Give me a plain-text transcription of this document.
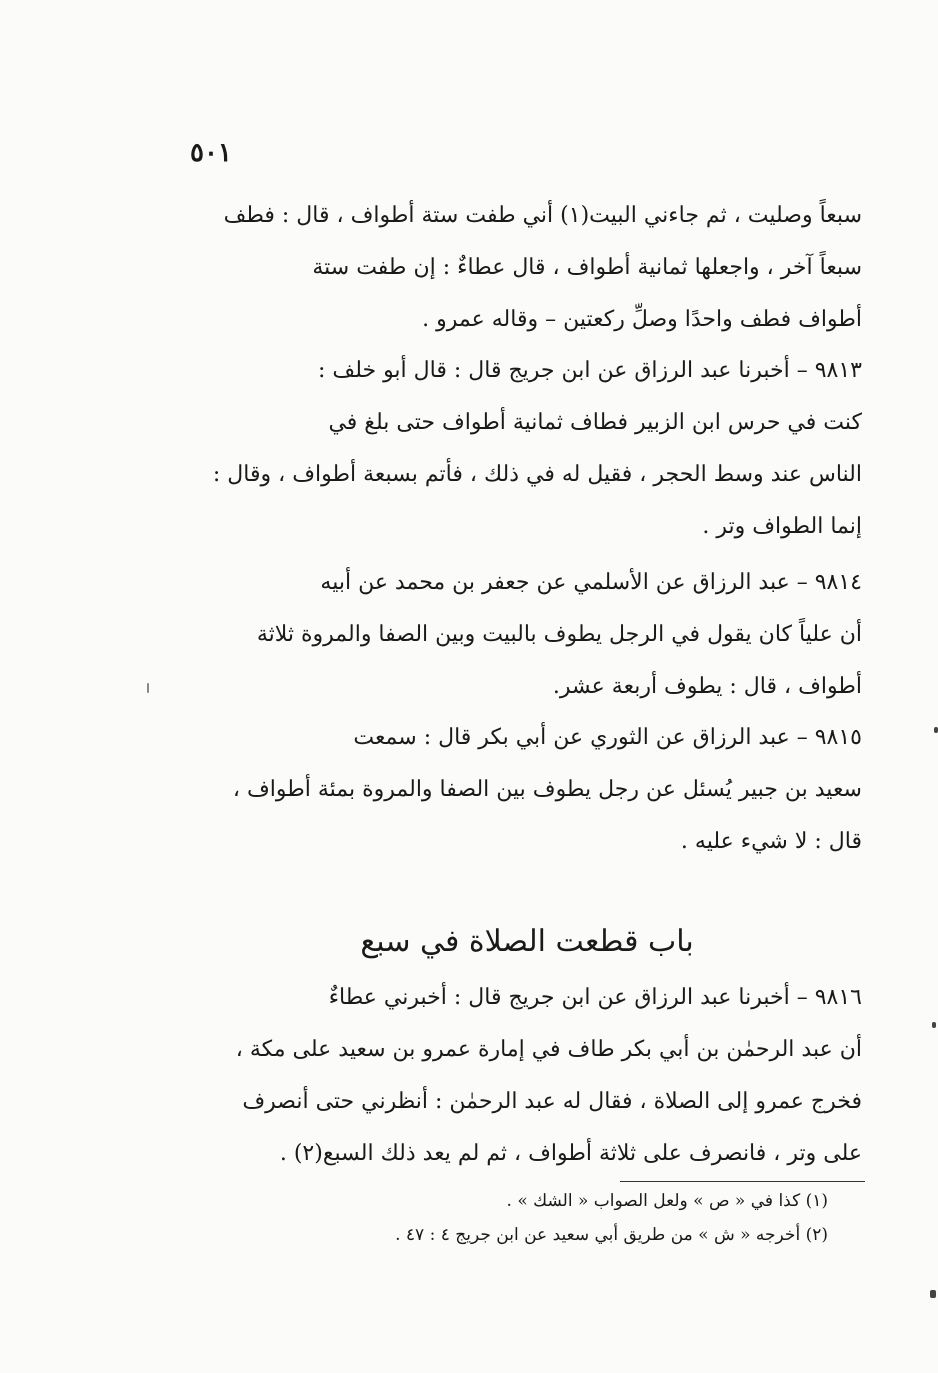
٥٠١
سبعاً وصليت ، ثم جاءني البيت(١) أني طفت ستة أطواف ، قال : فطف
سبعاً آخر ، واجعلها ثمانية أطواف ، قال عطاءٌ : إن طفت ستة
أطواف فطف واحدًا وصلِّ ركعتين – وقاله عمرو .
٩٨١٣ – أخبرنا عبد الرزاق عن ابن جريج قال : قال أبو خلف :
كنت في حرس ابن الزبير فطاف ثمانية أطواف حتى بلغ في
الناس عند وسط الحجر ، فقيل له في ذلك ، فأتم بسبعة أطواف ، وقال :
إنما الطواف وتر .
٩٨١٤ – عبد الرزاق عن الأسلمي عن جعفر بن محمد عن أبيه
أن علياً كان يقول في الرجل يطوف بالبيت وبين الصفا والمروة ثلاثة
أطواف ، قال : يطوف أربعة عشر.
٩٨١٥ – عبد الرزاق عن الثوري عن أبي بكر قال : سمعت
سعيد بن جبير يُسئل عن رجل يطوف بين الصفا والمروة بمئة أطواف ،
قال : لا شيء عليه .
باب قطعت الصلاة في سبع
٩٨١٦ – أخبرنا عبد الرزاق عن ابن جريج قال : أخبرني عطاءٌ
أن عبد الرحمٰن بن أبي بكر طاف في إمارة عمرو بن سعيد على مكة ،
فخرج عمرو إلى الصلاة ، فقال له عبد الرحمٰن : أنظرني حتى أنصرف
على وتر ، فانصرف على ثلاثة أطواف ، ثم لم يعد ذلك السبع(٢) .
(١) كذا في « ص » ولعل الصواب « الشك » .
(٢) أخرجه « ش » من طريق أبي سعيد عن ابن جريج ٤ : ٤٧ .
